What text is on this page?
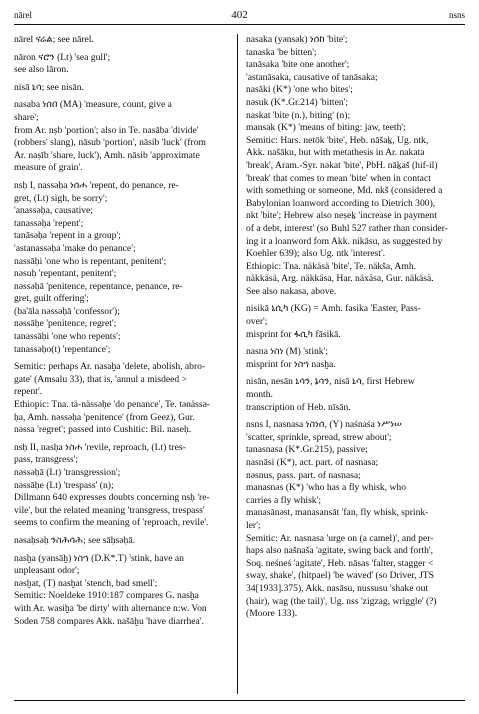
nārel	402	nsns
nārel ናሬል; see nārel.
nāron ናሮን (Lt) 'sea gull';
see also lāron.
nisā ኒሳ; see nisān.
nasaba ነሰበ (MA) 'measure, count, give a
share';
from Ar. nṣb 'portion'; also in Te. nasāba 'divide'
(robbers' slang), nāsub 'portion', nāsib 'luck' (from
Ar. naṣīb 'share, luck'), Amh. nāsib 'approximate
measure of grain'.
nsḥ I, nassəḥa ነሰሐ 'repent, do penance, re-
gret, (Lt) sigh, be sorry';
'anassəḥa, causative;
tanassəḥa 'repent';
tanāsəḥa 'repent in a group';
'astanassəḥa 'make do penance';
nassāḥi 'one who is repentant, penitent';
nəsuḥ 'repentant, penitent';
nəssəḥā 'penitence, repentance, penance, re-
gret, guilt offering';
(ba'āla nəssəḥā 'confessor');
nəssāḥe 'penitence, regret';
tanassāḥi 'one who repents';
tanassəḥo(t) 'repentance';
Semitic: perhaps Ar. nasaḫa 'delete, abolish, abro-
gate' (Amsalu 33), that is, 'annul a misdeed >
repent'.
Ethiopic: Tna. tä-nässəḥe 'do penance', Te. tənässə-
ḥa, Amh. nəssəḥa 'penitence' (from Geez), Gur.
nəssa 'regret'; passed into Cushitic: Bil. naseḥ.
nsḥ II, nasḥa ነስሐ 'revile, reproach, (Lt) tres-
pass, transgress';
nəssəḥā (Lt) 'transgression';
nəssāḥe (Lt) 'trespass' (n);
Dillmann 640 expresses doubts concerning nsḥ 're-
vile', but the related meaning 'transgress, trespass'
seems to confirm the meaning of 'reproach, revile'.
nəsaḥsəḥ ንስሕሳሕ; see sāḥsəḥā.
nasḫa (yənsāḫ) ነስኀ (D.K*.T) 'stink, have an
unpleasant odor';
nəsḫat, (T) nasḫat 'stench, bad smell';
Semitic: Noeldeke 1910:187 compares G. nasḫa
with Ar. wasiḫa 'be dirty' with alternance n:w. Von
Soden 758 compares Akk. našāḫu 'have diarrhea'.
nasaka (yənsək) ነሰከ 'bite';
tanaska 'be bitten';
tanāsaka 'bite one another';
'astanāsaka, causative of tanāsaka;
nasāki (K*) 'one who bites';
nəsuk (K*.Gr.214) 'bitten';
naskat 'bite (n.), biting' (n);
mansak (K*) 'means of biting: jaw, teeth';
Semitic: Hars. netōk 'bite', Heb. nāšaḵ, Ug. ntk,
Akk. našāku, but with metathesis in Ar. nakata
'break', Aram.-Syr. nəkat 'bite', PbH. nāḵaš (hif-il)
'break' that comes to mean 'bite' when in contact
with something or someone, Md. nkš (considered a
Babylonian loanword according to Dietrich 300),
nkt 'bite'; Hebrew also neṣeḵ 'increase in payment
of a debt, interest' (so Buhl 527 rather than consider-
ing it a loanword fom Akk. nikāsu, as suggested by
Koehler 639); also Ug. ntk 'interest'.
Ethiopic: Tna. näkäsä 'bite', Te. näkša, Amh.
näkkäsä, Arg. näkkäsa, Har. näxäsa, Gur. näkäsä.
See also nakasa, above.
nisikā ኒሲካ (KG) = Amh. fasika 'Easter, Pass-
over';
misprint for ፋሲካ fāsikā.
nasna ነስነ (M) 'stink';
misprint for ነስኀ nasḫa.
nisān, nesān ኒሳን, ኔሳን, nisā ኒሳ, first Hebrew
month.
transcription of Heb. nīsān.
nsns I, nasnasa ነስነሰ, (Y) naśnaśa ነሥነሠ
'scatter, sprinkle, spread, strew about';
tanasnasa (K*.Gr.215), passive;
nasnāsi (K*), act. part. of nasnasa;
nəsnus, pass. part. of nasnasa;
manasnəs (K*) 'who has a fly whisk, who
carries a fly whisk';
manasānəst, manasansāt 'fan, fly whisk, sprink-
ler';
Semitic: Ar. nasnasa 'urge on (a camel)', and per-
haps also našnaša 'agitate, swing back and forth',
Soq. neśneś 'agitate', Heb. nāsas 'falter, stagger <
sway, shake', (hitpael) 'be waved' (so Driver, JTS
34[1933].375), Akk. nasāsu, nussusu 'shake out
(hair), wag (the tail)', Ug. nss 'zigzag, wriggle' (?)
(Moore 133).
